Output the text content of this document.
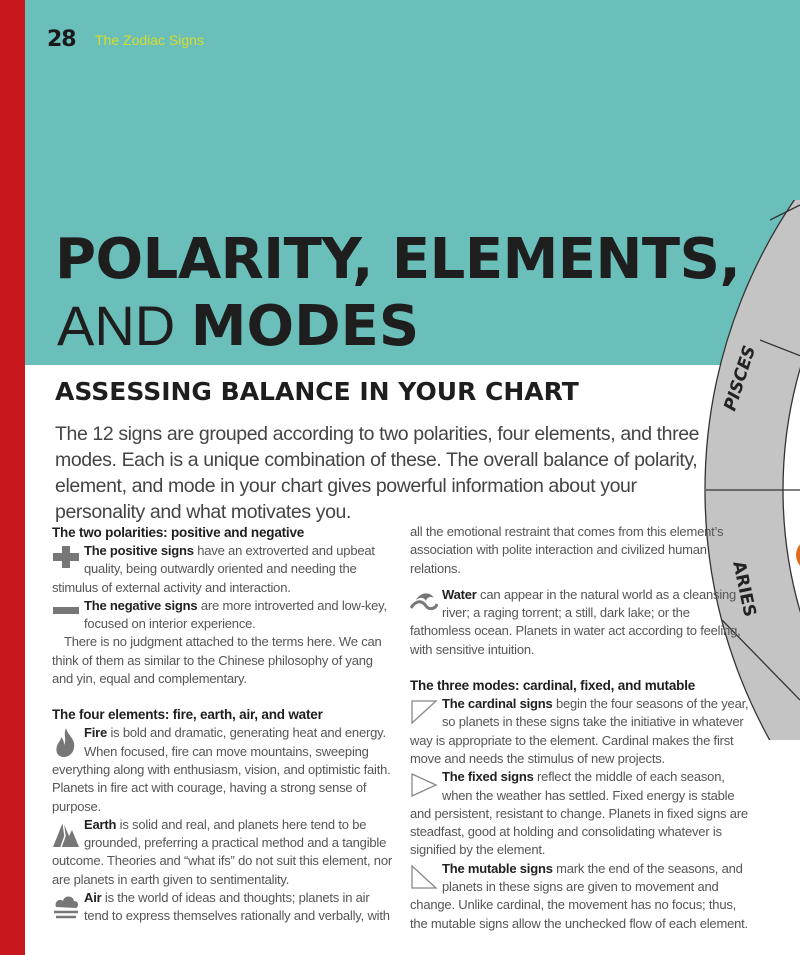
PISCES
ARIES
28 The Zodiac Signs
POLARITY, ELEMENTS,
AND MODES
ASSESSING BALANCE IN YOUR CHART
The 12 signs are grouped according to two polarities, four elements, and three modes. Each is a unique combination of these. The overall balance of polarity, element, and mode in your chart gives powerful information about your personality and what motivates you.
The two polarities: positive and negative

The positive signs have an extroverted and upbeat quality, being outwardly oriented and needing the stimulus of external activity and interaction.

The negative signs are more introverted and low-key, focused on interior experience.

There is no judgment attached to the terms here. We can think of them as similar to the Chinese philosophy of yang and yin, equal and complementary.

The four elements: fire, earth, air, and water

Fire is bold and dramatic, generating heat and energy. When focused, fire can move mountains, sweeping everything along with enthusiasm, vision, and optimistic faith. Planets in fire act with courage, having a strong sense of purpose.

Earth is solid and real, and planets here tend to be grounded, preferring a practical method and a tangible outcome. Theories and “what ifs” do not suit this element, nor are planets in earth given to sentimentality.

Air is the world of ideas and thoughts; planets in air tend to express themselves rationally and verbally, with

all the emotional restraint that comes from this element’s association with polite interaction and civilized human relations.

Water can appear in the natural world as a cleansing river; a raging torrent; a still, dark lake; or the fathomless ocean. Planets in water act according to feeling, with sensitive intuition.

The three modes: cardinal, fixed, and mutable

The cardinal signs begin the four seasons of the year, so planets in these signs take the initiative in whatever way is appropriate to the element. Cardinal makes the first move and needs the stimulus of new projects.

The fixed signs reflect the middle of each season, when the weather has settled. Fixed energy is stable and persistent, resistant to change. Planets in fixed signs are steadfast, good at holding and consolidating whatever is signified by the element.

The mutable signs mark the end of the seasons, and planets in these signs are given to movement and change. Unlike cardinal, the movement has no focus; thus, the mutable signs allow the unchecked flow of each element.
